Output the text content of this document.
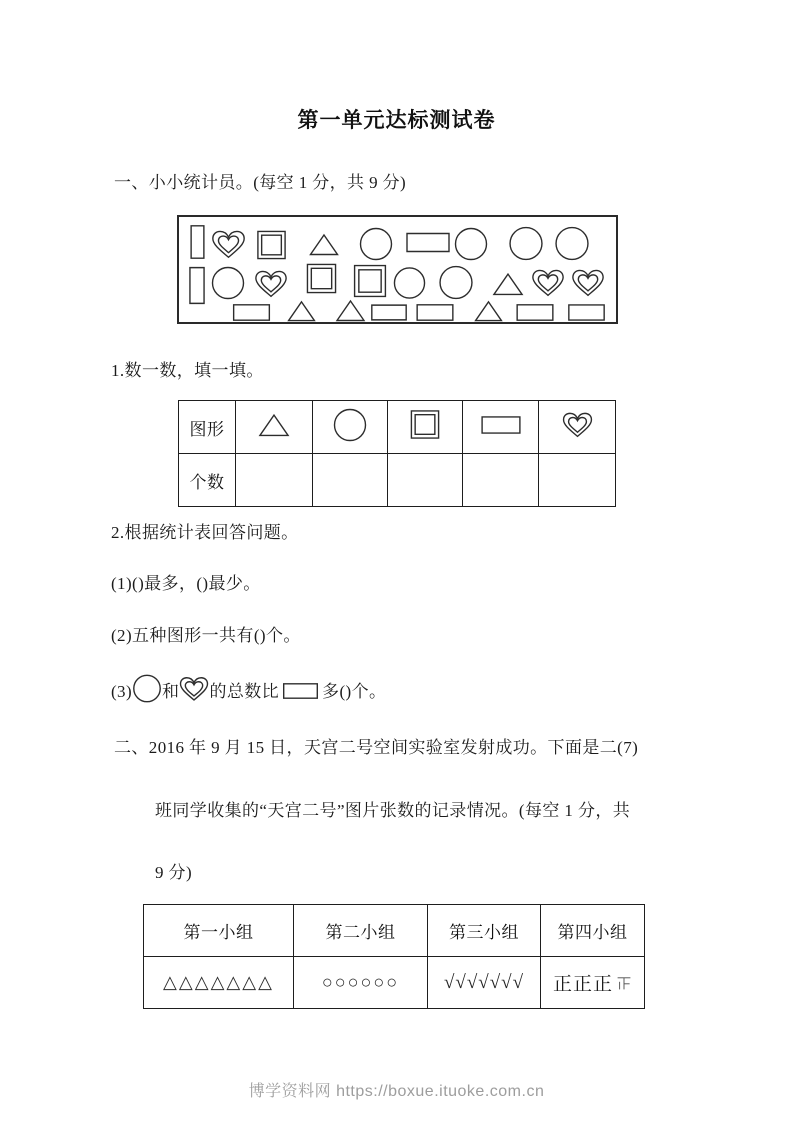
第一单元达标测试卷
一、小小统计员。(每空 1 分，共 9 分)
1.数一数，填一填。
图形					
个数					
2.根据统计表回答问题。
(1)()最多，()最少。
(2)五种图形一共有()个。
(3) 和 的总数比	多()个。
二、2016 年 9 月 15 日，天宫二号空间实验室发射成功。下面是二(7)
班同学收集的“天宫二号”图片张数的记录情况。(每空 1 分，共
9 分)
第一小组	第二小组	第三小组	第四小组
△△△△△△△	○○○○○○	√√√√√√√	正正正
博学资料网 https://boxue.ituoke.com.cn
